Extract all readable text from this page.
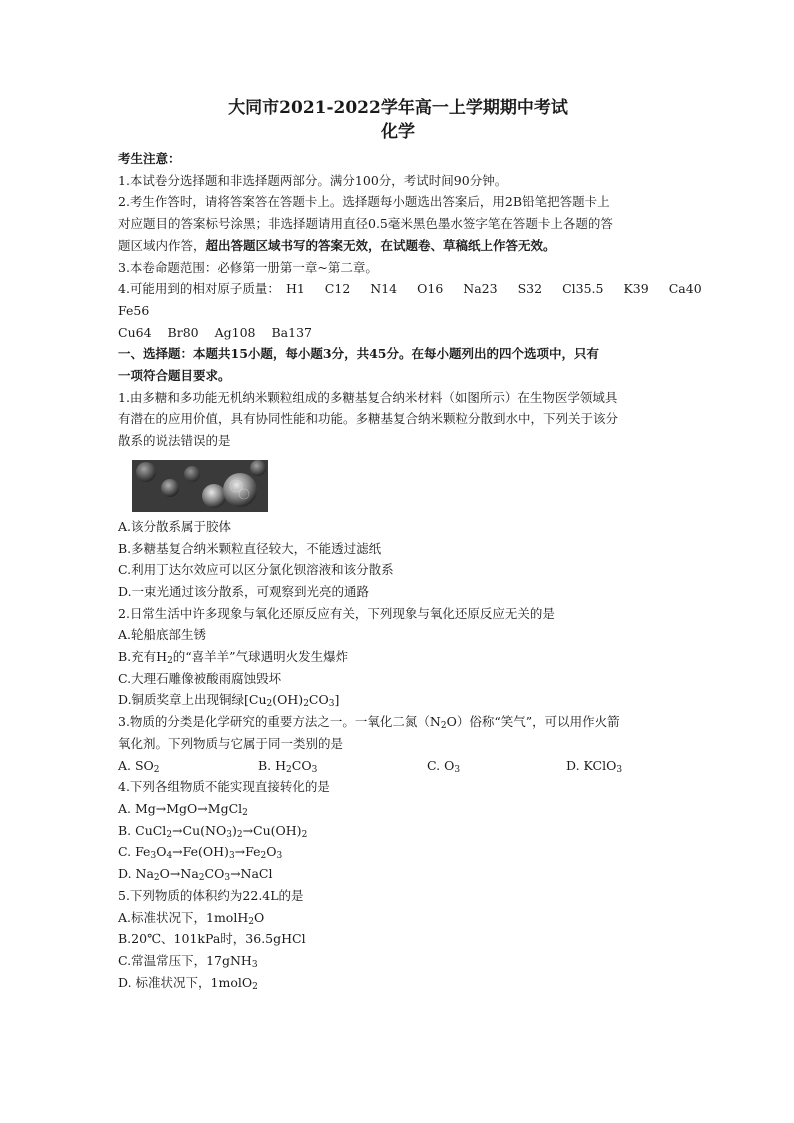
大同市2021-2022学年高一上学期期中考试

化学

考生注意：

1.本试卷分选择题和非选择题两部分。满分100分，考试时间90分钟。

2.考生作答时，请将答案答在答题卡上。选择题每小题选出答案后，用2B铅笔把答题卡上

对应题目的答案标号涂黑；非选择题请用直径0.5毫米黑色墨水签字笔在答题卡上各题的答

题区域内作答，超出答题区域书写的答案无效，在试题卷、草稿纸上作答无效。

3.本卷命题范围：必修第一册第一章~第二章。

4.可能用到的相对原子质量： H1 C12 N14 O16 Na23 S32 Cl35.5 K39 Ca40

Fe56

Cu64 Br80 Ag108 Ba137

一、选择题：本题共15小题，每小题3分，共45分。在每小题列出的四个选项中，只有

一项符合题目要求。

1.由多糖和多功能无机纳米颗粒组成的多糖基复合纳米材料（如图所示）在生物医学领域具

有潜在的应用价值，具有协同性能和功能。多糖基复合纳米颗粒分散到水中，下列关于该分

散系的说法错误的是

A.该分散系属于胶体

B.多糖基复合纳米颗粒直径较大，不能透过滤纸

C.利用丁达尔效应可以区分氯化钡溶液和该分散系

D.一束光通过该分散系，可观察到光亮的通路

2.日常生活中许多现象与氧化还原反应有关，下列现象与氧化还原反应无关的是

A.轮船底部生锈

B.充有$H_2$的“喜羊羊”气球遇明火发生爆炸

C.大理石雕像被酸雨腐蚀毁坏

D.铜质奖章上出现铜绿$[Cu_2(OH)_2CO_3]$

3.物质的分类是化学研究的重要方法之一。一氧化二氮$(N_2O)$俗称“笑气”，可以用作火箭

氧化剂。下列物质与它属于同一类别的是

A. $SO_2$	B. $H_2CO_3$	C. $O_3$	D. KClO$_3$

4.下列各组物质不能实现直接转化的是

A. Mg→MgO→MgCl$_2$

B. $CuCl_2\to Cu(NO_3)_2\to Cu(OH)_2$

C. $Fe_3O_4\to Fe(OH)_3\to Fe_2O_3$

D. $Na_2O\to Na_2CO_3\to NaCl$

5.下列物质的体积约为22.4L的是

A.标准状况下，1molH$_2$O

B.20℃、101kPa时，36.5gHCl

C.常温常压下，17gNH$_3$

D. 标准状况下，1molO$_2$
